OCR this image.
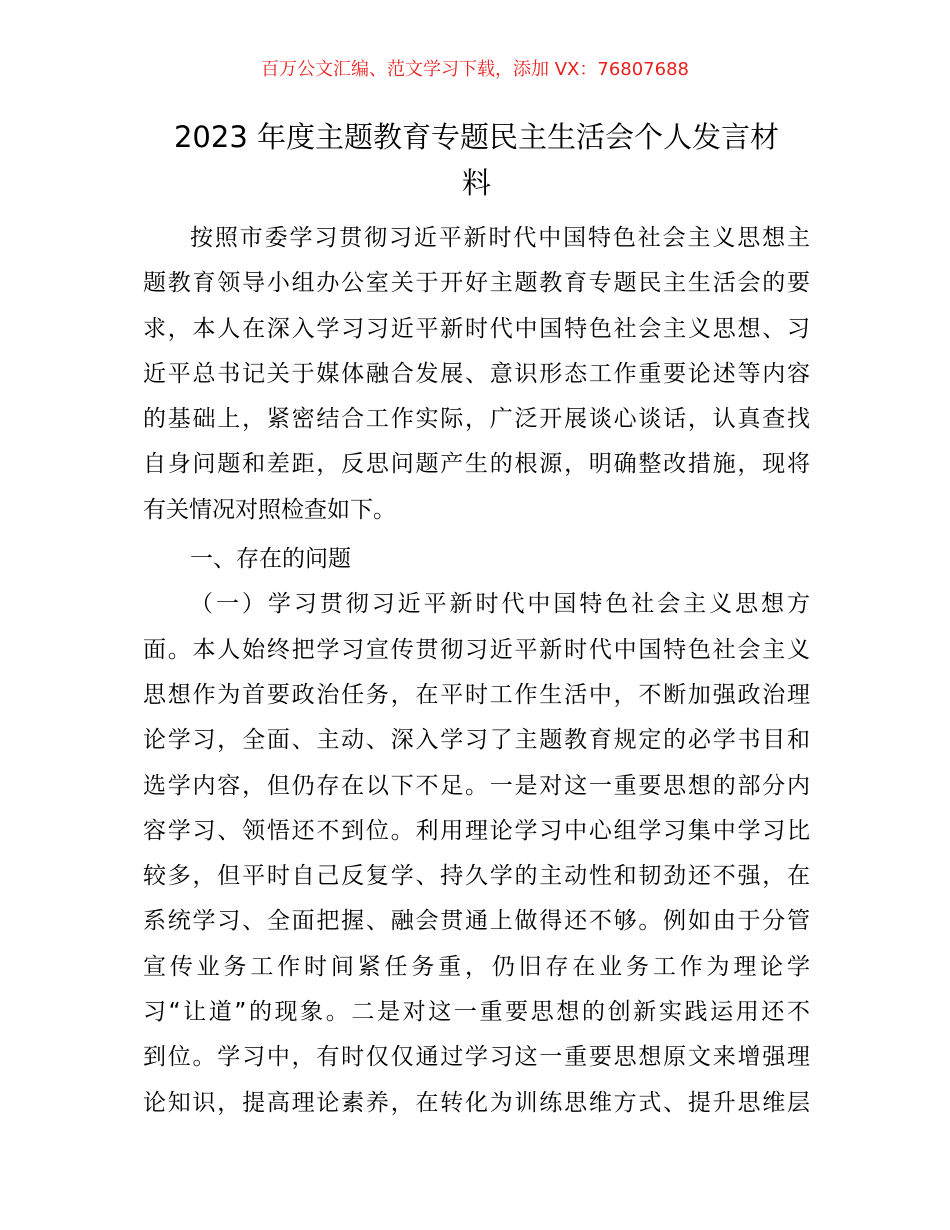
百万公文汇编、范文学习下载，添加 VX：76807688
2023 年度主题教育专题民主生活会个人发言材
料
按照市委学习贯彻习近平新时代中国特色社会主义思想主
题教育领导小组办公室关于开好主题教育专题民主生活会的要
求，本人在深入学习习近平新时代中国特色社会主义思想、习
近平总书记关于媒体融合发展、意识形态工作重要论述等内容
的基础上，紧密结合工作实际，广泛开展谈心谈话，认真查找
自身问题和差距，反思问题产生的根源，明确整改措施，现将
有关情况对照检查如下。
一、存在的问题
（一）学习贯彻习近平新时代中国特色社会主义思想方
面。本人始终把学习宣传贯彻习近平新时代中国特色社会主义
思想作为首要政治任务，在平时工作生活中，不断加强政治理
论学习，全面、主动、深入学习了主题教育规定的必学书目和
选学内容，但仍存在以下不足。一是对这一重要思想的部分内
容学习、领悟还不到位。利用理论学习中心组学习集中学习比
较多，但平时自己反复学、持久学的主动性和韧劲还不强，在
系统学习、全面把握、融会贯通上做得还不够。例如由于分管
宣传业务工作时间紧任务重，仍旧存在业务工作为理论学
习“让道”的现象。二是对这一重要思想的创新实践运用还不
到位。学习中，有时仅仅通过学习这一重要思想原文来增强理
论知识，提高理论素养，在转化为训练思维方式、提升思维层
